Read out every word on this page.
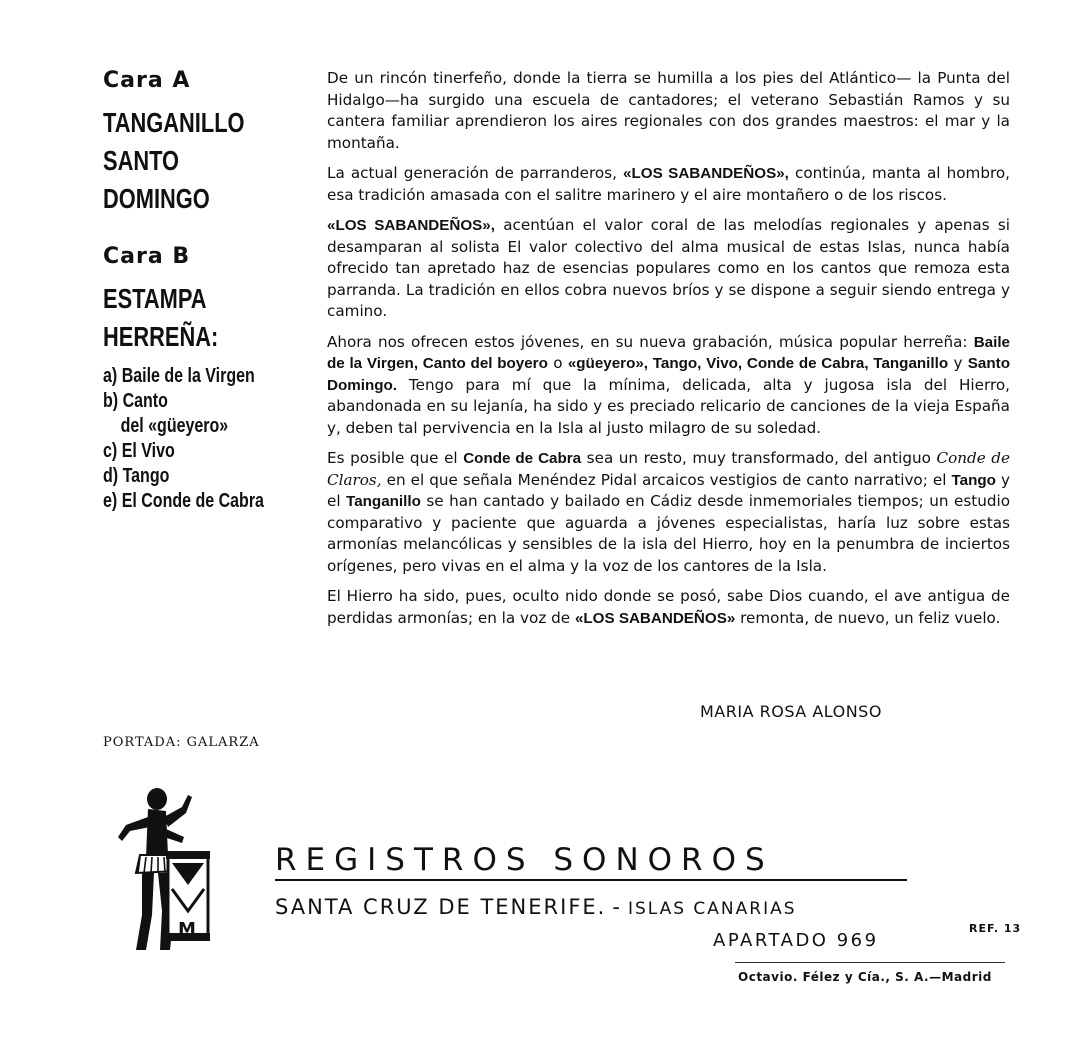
Cara A
TANGANILLO
SANTO
DOMINGO
Cara B
ESTAMPA
HERREÑA:
a) Baile de la Virgen
b) Canto
del «güeyero»
c) El Vivo
d) Tango
e) El Conde de Cabra
PORTADA: GALARZA

De un rincón tinerfeño, donde la tierra se humilla a los pies del Atlántico— la Punta del Hidalgo—ha surgido una escuela de cantadores; el veterano Sebastián Ramos y su cantera familiar aprendieron los aires regionales con dos grandes maestros: el mar y la montaña.

La actual generación de parranderos, «LOS SABANDEÑOS», continúa, manta al hombro, esa tradición amasada con el salitre marinero y el aire montañero o de los riscos.

«LOS SABANDEÑOS», acentúan el valor coral de las melodías regionales y apenas si desamparan al solista El valor colectivo del alma musical de estas Islas, nunca había ofrecido tan apretado haz de esencias populares como en los cantos que remoza esta parranda. La tradición en ellos cobra nuevos bríos y se dispone a seguir siendo entrega y camino.

Ahora nos ofrecen estos jóvenes, en su nueva grabación, música popular herreña: Baile de la Virgen, Canto del boyero o «güeyero», Tango, Vivo, Conde de Cabra, Tanganillo y Santo Domingo. Tengo para mí que la mínima, delicada, alta y jugosa isla del Hierro, abandonada en su lejanía, ha sido y es preciado relicario de canciones de la vieja España y, deben tal pervivencia en la Isla al justo milagro de su soledad.

Es posible que el Conde de Cabra sea un resto, muy transformado, del antiguo Conde de Claros, en el que señala Menéndez Pidal arcaicos vestigios de canto narrativo; el Tango y el Tanganillo se han cantado y bailado en Cádiz desde inmemoriales tiempos; un estudio comparativo y paciente que aguarda a jóvenes especialistas, haría luz sobre estas armonías melancólicas y sensibles de la isla del Hierro, hoy en la penumbra de inciertos orígenes, pero vivas en el alma y la voz de los cantores de la Isla.

El Hierro ha sido, pues, oculto nido donde se posó, sabe Dios cuando, el ave antigua de perdidas armonías; en la voz de «LOS SABANDEÑOS» remonta, de nuevo, un feliz vuelo.

MARIA ROSA ALONSO
M
REGISTROS SONOROS
SANTA CRUZ DE TENERIFE. - ISLAS CANARIAS
APARTADO 969
REF. 13
Octavio. Félez y Cía., S. A.—Madrid
